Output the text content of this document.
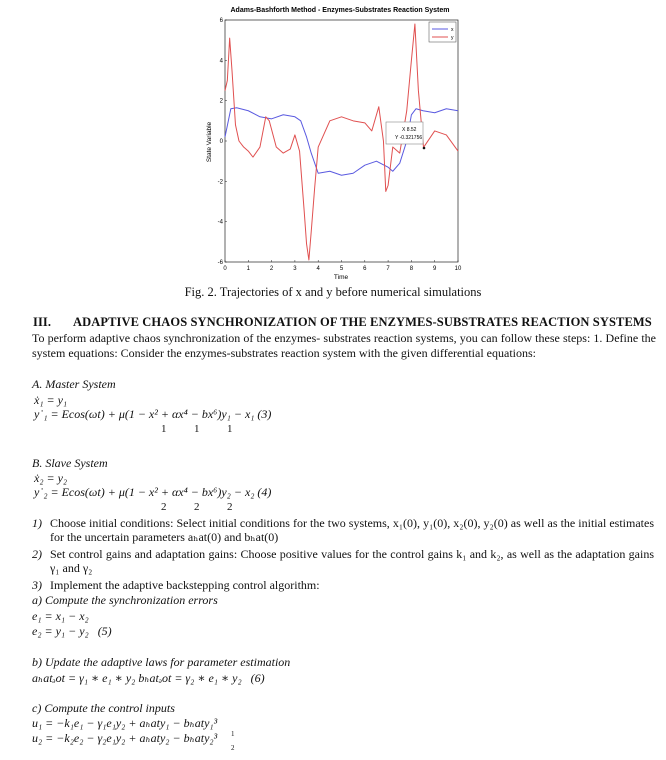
Adams-Bashforth Method - Enzymes-Substrates Reaction System
0	1	2	3	4	5	6	7	8	9	10
-6
-4
-2
0
2
4
6
Time
State Variable
x
y
X 8.52
Y -0.321756
Fig. 2. Trajectories of x and y before numerical simulations
III. ADAPTIVE CHAOS SYNCHRONIZATION OF THE ENZYMES-SUBSTRATES REACTION SYSTEMS
To perform adaptive chaos synchronization of the enzymes- substrates reaction systems, you can follow these steps: 1. Define the system equations: Consider the enzymes-substrates reaction system with the given differential equations:
A. Master System
ẋ₁ = y₁
y˙₁ = Ecos(ωt) + μ(1 − x² + αx⁴ − bx⁶)y₁ − x₁ (3)
1          1          1
B. Slave System
ẋ₂ = y₂
y˙₂ = Ecos(ωt) + μ(1 − x² + αx⁴ − bx⁶)y₂ − x₂ (4)
2          2          2
1) Choose initial conditions: Select initial conditions for the two systems, x₁(0), y₁(0), x₂(0), y₂(0) as well as the initial estimates for the uncertain parameters aₕat(0) and bₕat(0)
2) Set control gains and adaptation gains: Choose positive values for the control gains k₁ and k₂, as well as the adaptation gains γ₁ and γ₂
3) Implement the adaptive backstepping control algorithm:
a) Compute the synchronization errors
e₁ = x₁ − x₂
e₂ = y₁ − y₂   (5)
b) Update the adaptive laws for parameter estimation
aₕatₔot = γ₁ ∗ e₁ ∗ y₂ bₕatₔot = γ₂ ∗ e₁ ∗ y₂   (6)
c) Compute the control inputs
u₁ = −k₁e₁ − γ₁e₁y₂ + aₕaty₁ − bₕaty₁³
u₂ = −k₂e₂ − γ₂e₁y₂ + aₕaty₂ − bₕaty₂³ 1
2
